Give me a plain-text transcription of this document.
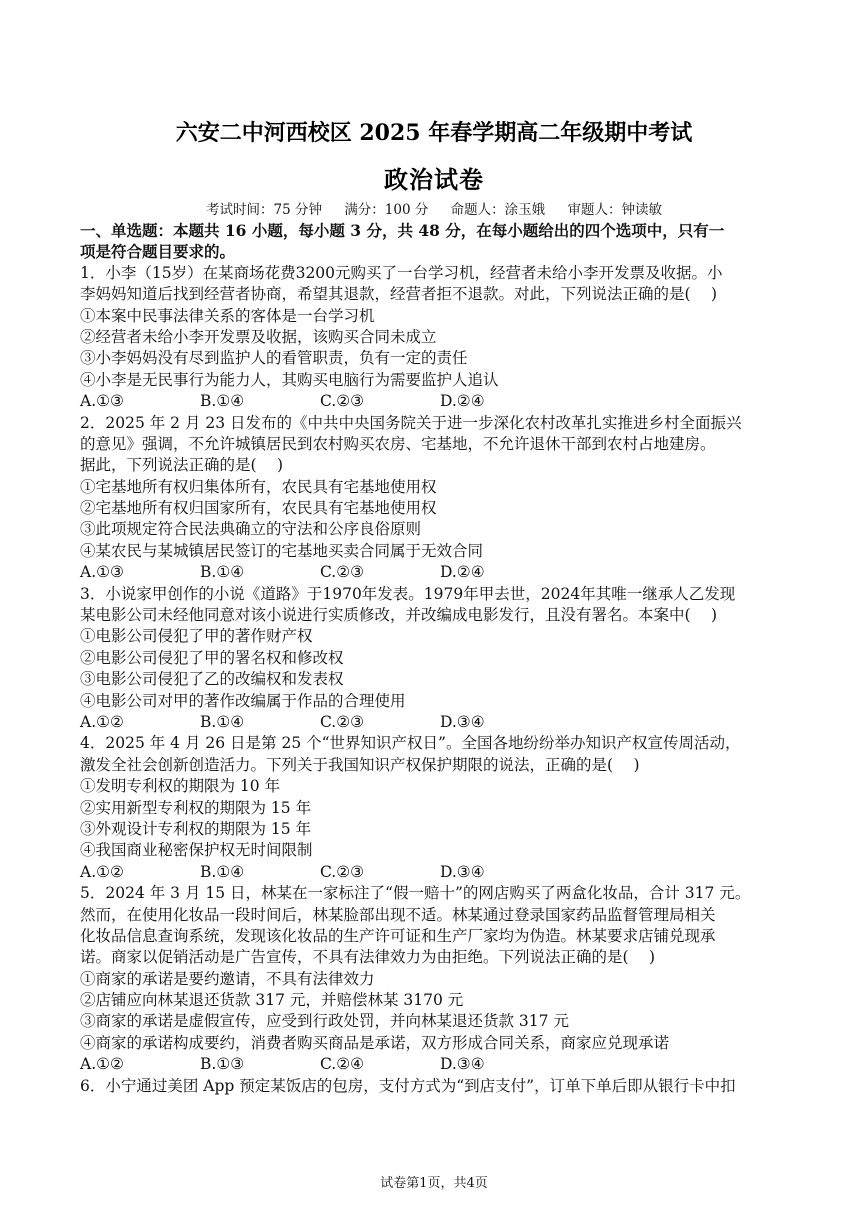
六安二中河西校区 2025 年春学期高二年级期中考试
政治试卷
考试时间：75 分钟 满分：100 分 命题人：涂玉娥 审题人：钟读敏
一、单选题：本题共 16 小题，每小题 3 分，共 48 分，在每小题给出的四个选项中，只有一
项是符合题目要求的。
1．小李（15岁）在某商场花费3200元购买了一台学习机，经营者未给小李开发票及收据。小
李妈妈知道后找到经营者协商，希望其退款，经营者拒不退款。对此，下列说法正确的是(　 )
①本案中民事法律关系的客体是一台学习机
②经营者未给小李开发票及收据，该购买合同未成立
③小李妈妈没有尽到监护人的看管职责，负有一定的责任
④小李是无民事行为能力人，其购买电脑行为需要监护人追认
A.①③	B.①④	C.②③	D.②④
2．2025 年 2 月 23 日发布的《中共中央国务院关于进一步深化农村改革扎实推进乡村全面振兴
的意见》强调，不允许城镇居民到农村购买农房、宅基地，不允许退休干部到农村占地建房。
据此，下列说法正确的是(　 )
①宅基地所有权归集体所有，农民具有宅基地使用权
②宅基地所有权归国家所有，农民具有宅基地使用权
③此项规定符合民法典确立的守法和公序良俗原则
④某农民与某城镇居民签订的宅基地买卖合同属于无效合同
A.①③	B.①④	C.②③	D.②④
3．小说家甲创作的小说《道路》于1970年发表。1979年甲去世，2024年其唯一继承人乙发现
某电影公司未经他同意对该小说进行实质修改，并改编成电影发行，且没有署名。本案中(　 )
①电影公司侵犯了甲的著作财产权
②电影公司侵犯了甲的署名权和修改权
③电影公司侵犯了乙的改编权和发表权
④电影公司对甲的著作改编属于作品的合理使用
A.①②	B.①④	C.②③	D.③④
4．2025 年 4 月 26 日是第 25 个“世界知识产权日”。全国各地纷纷举办知识产权宣传周活动，
激发全社会创新创造活力。下列关于我国知识产权保护期限的说法，正确的是(　 )
①发明专利权的期限为 10 年
②实用新型专利权的期限为 15 年
③外观设计专利权的期限为 15 年
④我国商业秘密保护权无时间限制
A.①②	B.①④	C.②③	D.③④
5．2024 年 3 月 15 日，林某在一家标注了“假一赔十”的网店购买了两盒化妆品，合计 317 元。
然而，在使用化妆品一段时间后，林某脸部出现不适。林某通过登录国家药品监督管理局相关
化妆品信息查询系统，发现该化妆品的生产许可证和生产厂家均为伪造。林某要求店铺兑现承
诺。商家以促销活动是广告宣传，不具有法律效力为由拒绝。下列说法正确的是(　 )
①商家的承诺是要约邀请，不具有法律效力
②店铺应向林某退还货款 317 元，并赔偿林某 3170 元
③商家的承诺是虚假宣传，应受到行政处罚，并向林某退还货款 317 元
④商家的承诺构成要约，消费者购买商品是承诺，双方形成合同关系，商家应兑现承诺
A.①②	B.①③	C.②④	D.③④
6．小宁通过美团 App 预定某饭店的包房，支付方式为“到店支付”，订单下单后即从银行卡中扣
试卷第1页，共4页
